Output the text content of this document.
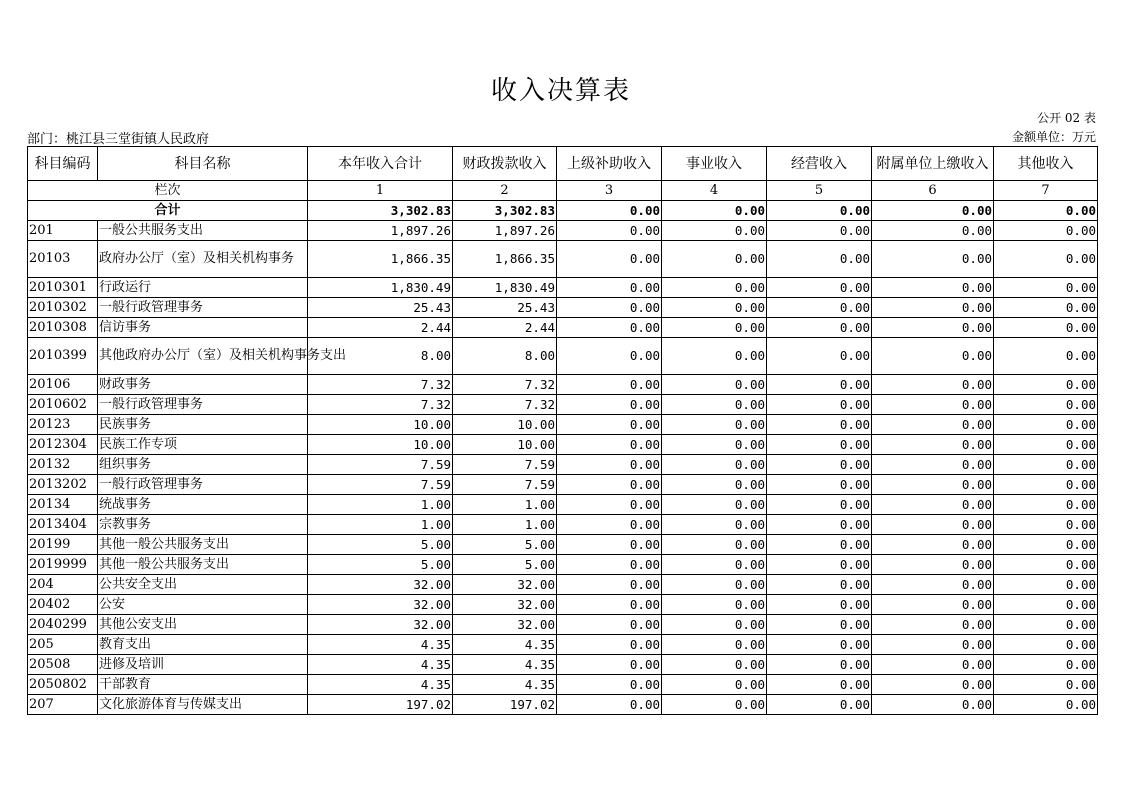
收入决算表
公开 02 表
部门：桃江县三堂街镇人民政府	金额单位：万元
科目编码	科目名称	本年收入合计	财政拨款收入	上级补助收入	事业收入	经营收入	附属单位上缴收入	其他收入
栏次		1	2	3	4	5	6	7
合计		3,302.83	3,302.83	0.00	0.00	0.00	0.00	0.00
201	一般公共服务支出	1,897.26	1,897.26	0.00	0.00	0.00	0.00	0.00
20103	政府办公厅（室）及相关机构事务	1,866.35	1,866.35	0.00	0.00	0.00	0.00	0.00
2010301	行政运行	1,830.49	1,830.49	0.00	0.00	0.00	0.00	0.00
2010302	一般行政管理事务	25.43	25.43	0.00	0.00	0.00	0.00	0.00
2010308	信访事务	2.44	2.44	0.00	0.00	0.00	0.00	0.00
2010399	其他政府办公厅（室）及相关机构事务支出	8.00	8.00	0.00	0.00	0.00	0.00	0.00
20106	财政事务	7.32	7.32	0.00	0.00	0.00	0.00	0.00
2010602	一般行政管理事务	7.32	7.32	0.00	0.00	0.00	0.00	0.00
20123	民族事务	10.00	10.00	0.00	0.00	0.00	0.00	0.00
2012304	民族工作专项	10.00	10.00	0.00	0.00	0.00	0.00	0.00
20132	组织事务	7.59	7.59	0.00	0.00	0.00	0.00	0.00
2013202	一般行政管理事务	7.59	7.59	0.00	0.00	0.00	0.00	0.00
20134	统战事务	1.00	1.00	0.00	0.00	0.00	0.00	0.00
2013404	宗教事务	1.00	1.00	0.00	0.00	0.00	0.00	0.00
20199	其他一般公共服务支出	5.00	5.00	0.00	0.00	0.00	0.00	0.00
2019999	其他一般公共服务支出	5.00	5.00	0.00	0.00	0.00	0.00	0.00
204	公共安全支出	32.00	32.00	0.00	0.00	0.00	0.00	0.00
20402	公安	32.00	32.00	0.00	0.00	0.00	0.00	0.00
2040299	其他公安支出	32.00	32.00	0.00	0.00	0.00	0.00	0.00
205	教育支出	4.35	4.35	0.00	0.00	0.00	0.00	0.00
20508	进修及培训	4.35	4.35	0.00	0.00	0.00	0.00	0.00
2050802	干部教育	4.35	4.35	0.00	0.00	0.00	0.00	0.00
207	文化旅游体育与传媒支出	197.02	197.02	0.00	0.00	0.00	0.00	0.00
